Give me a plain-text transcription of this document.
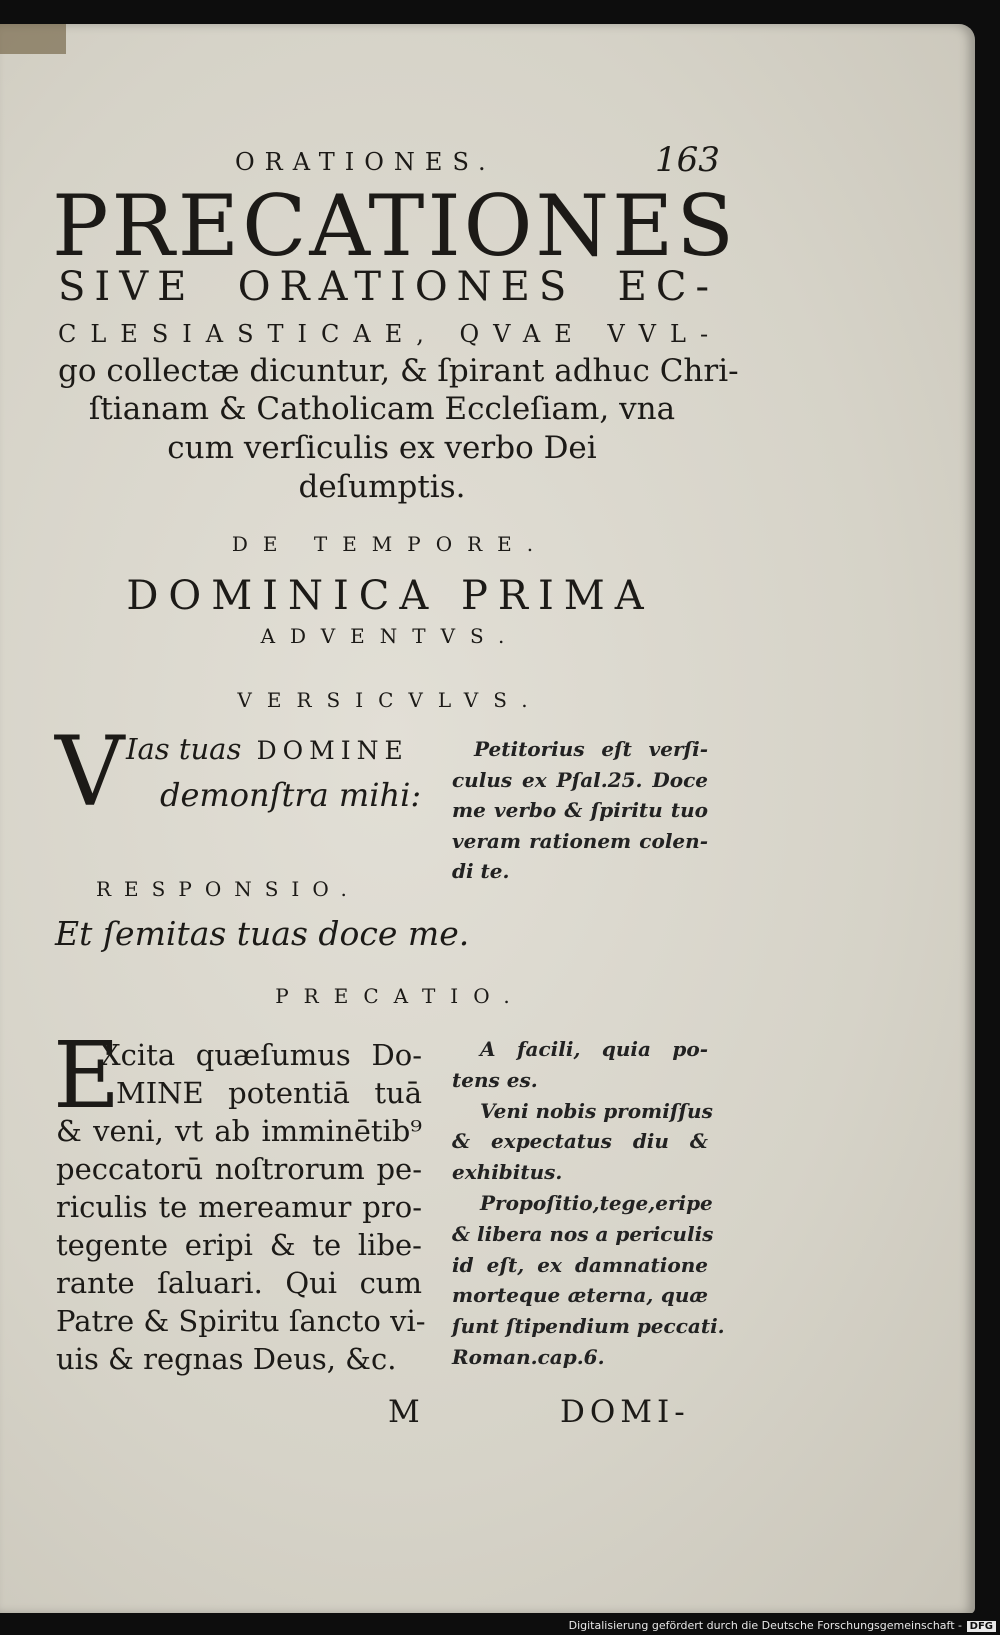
ORATIONES.	163
PRECATIONES
SIVE ORATIONES EC-
CLESIASTICAE, QVAE VVL-
go collectæ dicuntur, & ſpirant adhuc Chri-
ſtianam & Catholicam Eccleſiam, vna
cum verſiculis ex verbo Dei
deſumptis.
DE TEMPORE.
DOMINICA PRIMA
ADVENTVS.
VERSICVLVS.
V Ias tuas DOMINE
demonſtra mihi:
Petitorius eſt verſi-
culus ex Pſal.25. Doce
me verbo & ſpiritu tuo
veram rationem colen-
di te.
RESPONSIO.
Et ſemitas tuas doce me.
PRECATIO.
E
Xcita quæſumus Do-
MINE potentiā tuā
& veni, vt ab imminētib⁹
peccatorū noſtrorum pe-
riculis te mereamur pro-
tegente eripi & te libe-
rante ſaluari. Qui cum
Patre & Spiritu ſancto vi-
uis & regnas Deus, &c.
A facili, quia po-
tens es.
Veni nobis promiſſus
& expectatus diu &
exhibitus.
Propoſitio,tege,eripe
& libera nos a periculis
id eſt, ex damnatione
morteque æterna, quæ
ſunt ſtipendium peccati.
Roman.cap.6.
M	DOMI-
Digitalisierung gefördert durch die Deutsche Forschungsgemeinschaft - DFG
